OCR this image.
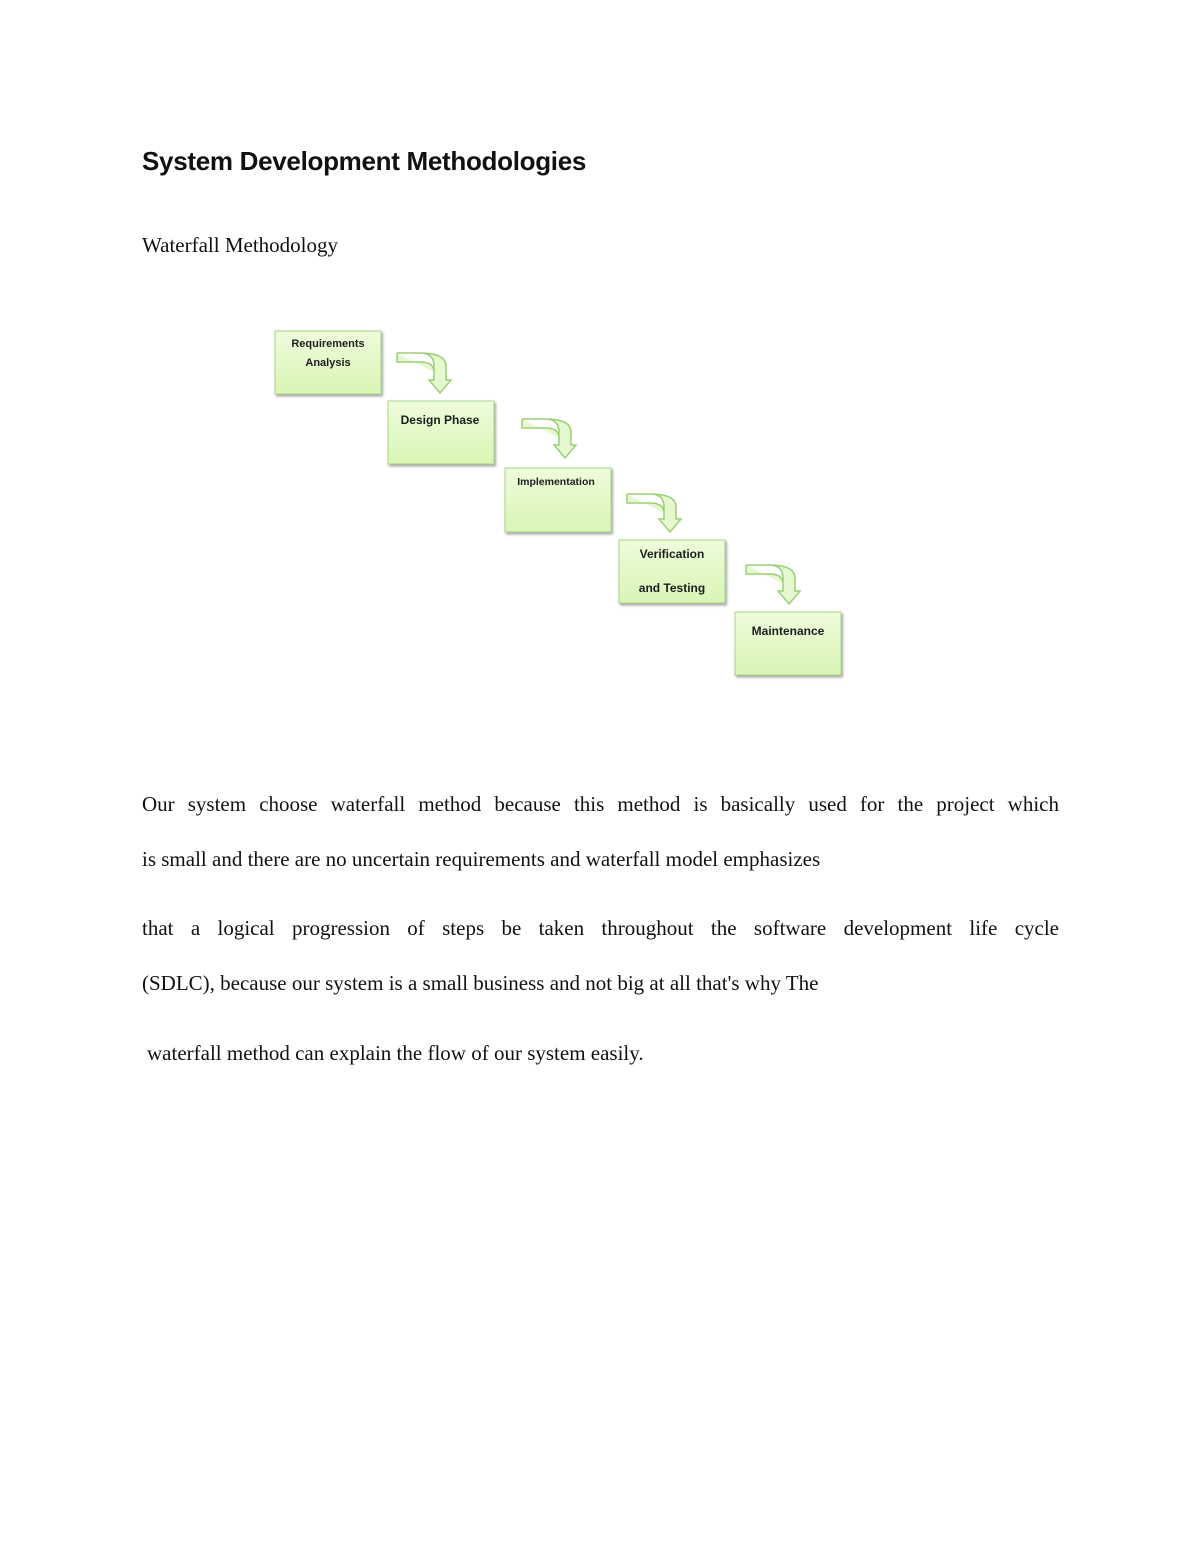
System Development Methodologies
Waterfall Methodology
Requirements
Analysis
Design Phase
Implementation
Verification
and Testing
Maintenance

Our system choose waterfall method because this method is basically used for the project which
is small and there are no uncertain requirements and waterfall model emphasizes

that a logical progression of steps be taken throughout the software development life cycle
(SDLC), because our system is a small business and not big at all that's why The

waterfall method can explain the flow of our system easily.
